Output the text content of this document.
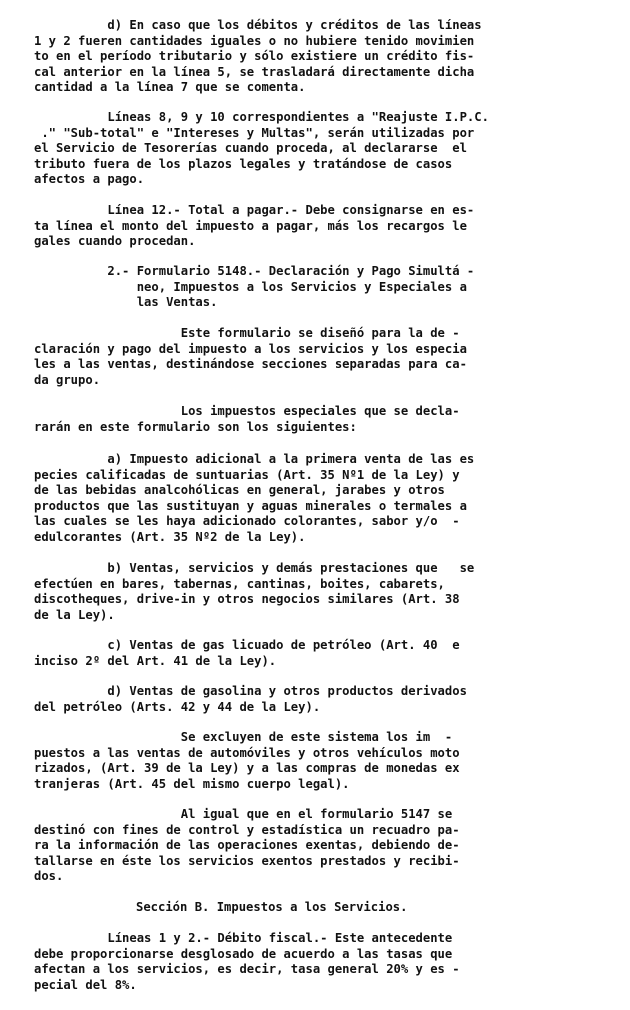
d) En caso que los débitos y créditos de las líneas
1 y 2 fueren cantidades iguales o no hubiere tenido movimien
to en el período tributario y sólo existiere un crédito fis-
cal anterior en la línea 5, se trasladará directamente dicha
cantidad a la línea 7 que se comenta.
Líneas 8, 9 y 10 correspondientes a "Reajuste I.P.C.
." "Sub-total" e "Intereses y Multas", serán utilizadas por
el Servicio de Tesorerías cuando proceda, al declararse  el
tributo fuera de los plazos legales y tratándose de casos
afectos a pago.
Línea 12.- Total a pagar.- Debe consignarse en es-
ta línea el monto del impuesto a pagar, más los recargos le
gales cuando procedan.
2.- Formulario 5148.- Declaración y Pago Simultá -
neo, Impuestos a los Servicios y Especiales a
las Ventas.
Este formulario se diseñó para la de -
claración y pago del impuesto a los servicios y los especia
les a las ventas, destinándose secciones separadas para ca-
da grupo.
Los impuestos especiales que se decla-
rarán en este formulario son los siguientes:
a) Impuesto adicional a la primera venta de las es
pecies calificadas de suntuarias (Art. 35 Nº1 de la Ley) y
de las bebidas analcohólicas en general, jarabes y otros
productos que las sustituyan y aguas minerales o termales a
las cuales se les haya adicionado colorantes, sabor y/o  -
edulcorantes (Art. 35 Nº2 de la Ley).
b) Ventas, servicios y demás prestaciones que   se
efectúen en bares, tabernas, cantinas, boites, cabarets,
discotheques, drive-in y otros negocios similares (Art. 38
de la Ley).
c) Ventas de gas licuado de petróleo (Art. 40  e
inciso 2º del Art. 41 de la Ley).
d) Ventas de gasolina y otros productos derivados
del petróleo (Arts. 42 y 44 de la Ley).
Se excluyen de este sistema los im  -
puestos a las ventas de automóviles y otros vehículos moto
rizados, (Art. 39 de la Ley) y a las compras de monedas ex
tranjeras (Art. 45 del mismo cuerpo legal).
Al igual que en el formulario 5147 se
destinó con fines de control y estadística un recuadro pa-
ra la información de las operaciones exentas, debiendo de-
tallarse en éste los servicios exentos prestados y recibi-
dos.
Sección B. Impuestos a los Servicios.
Líneas 1 y 2.- Débito fiscal.- Este antecedente
debe proporcionarse desglosado de acuerdo a las tasas que
afectan a los servicios, es decir, tasa general 20% y es -
pecial del 8%.
